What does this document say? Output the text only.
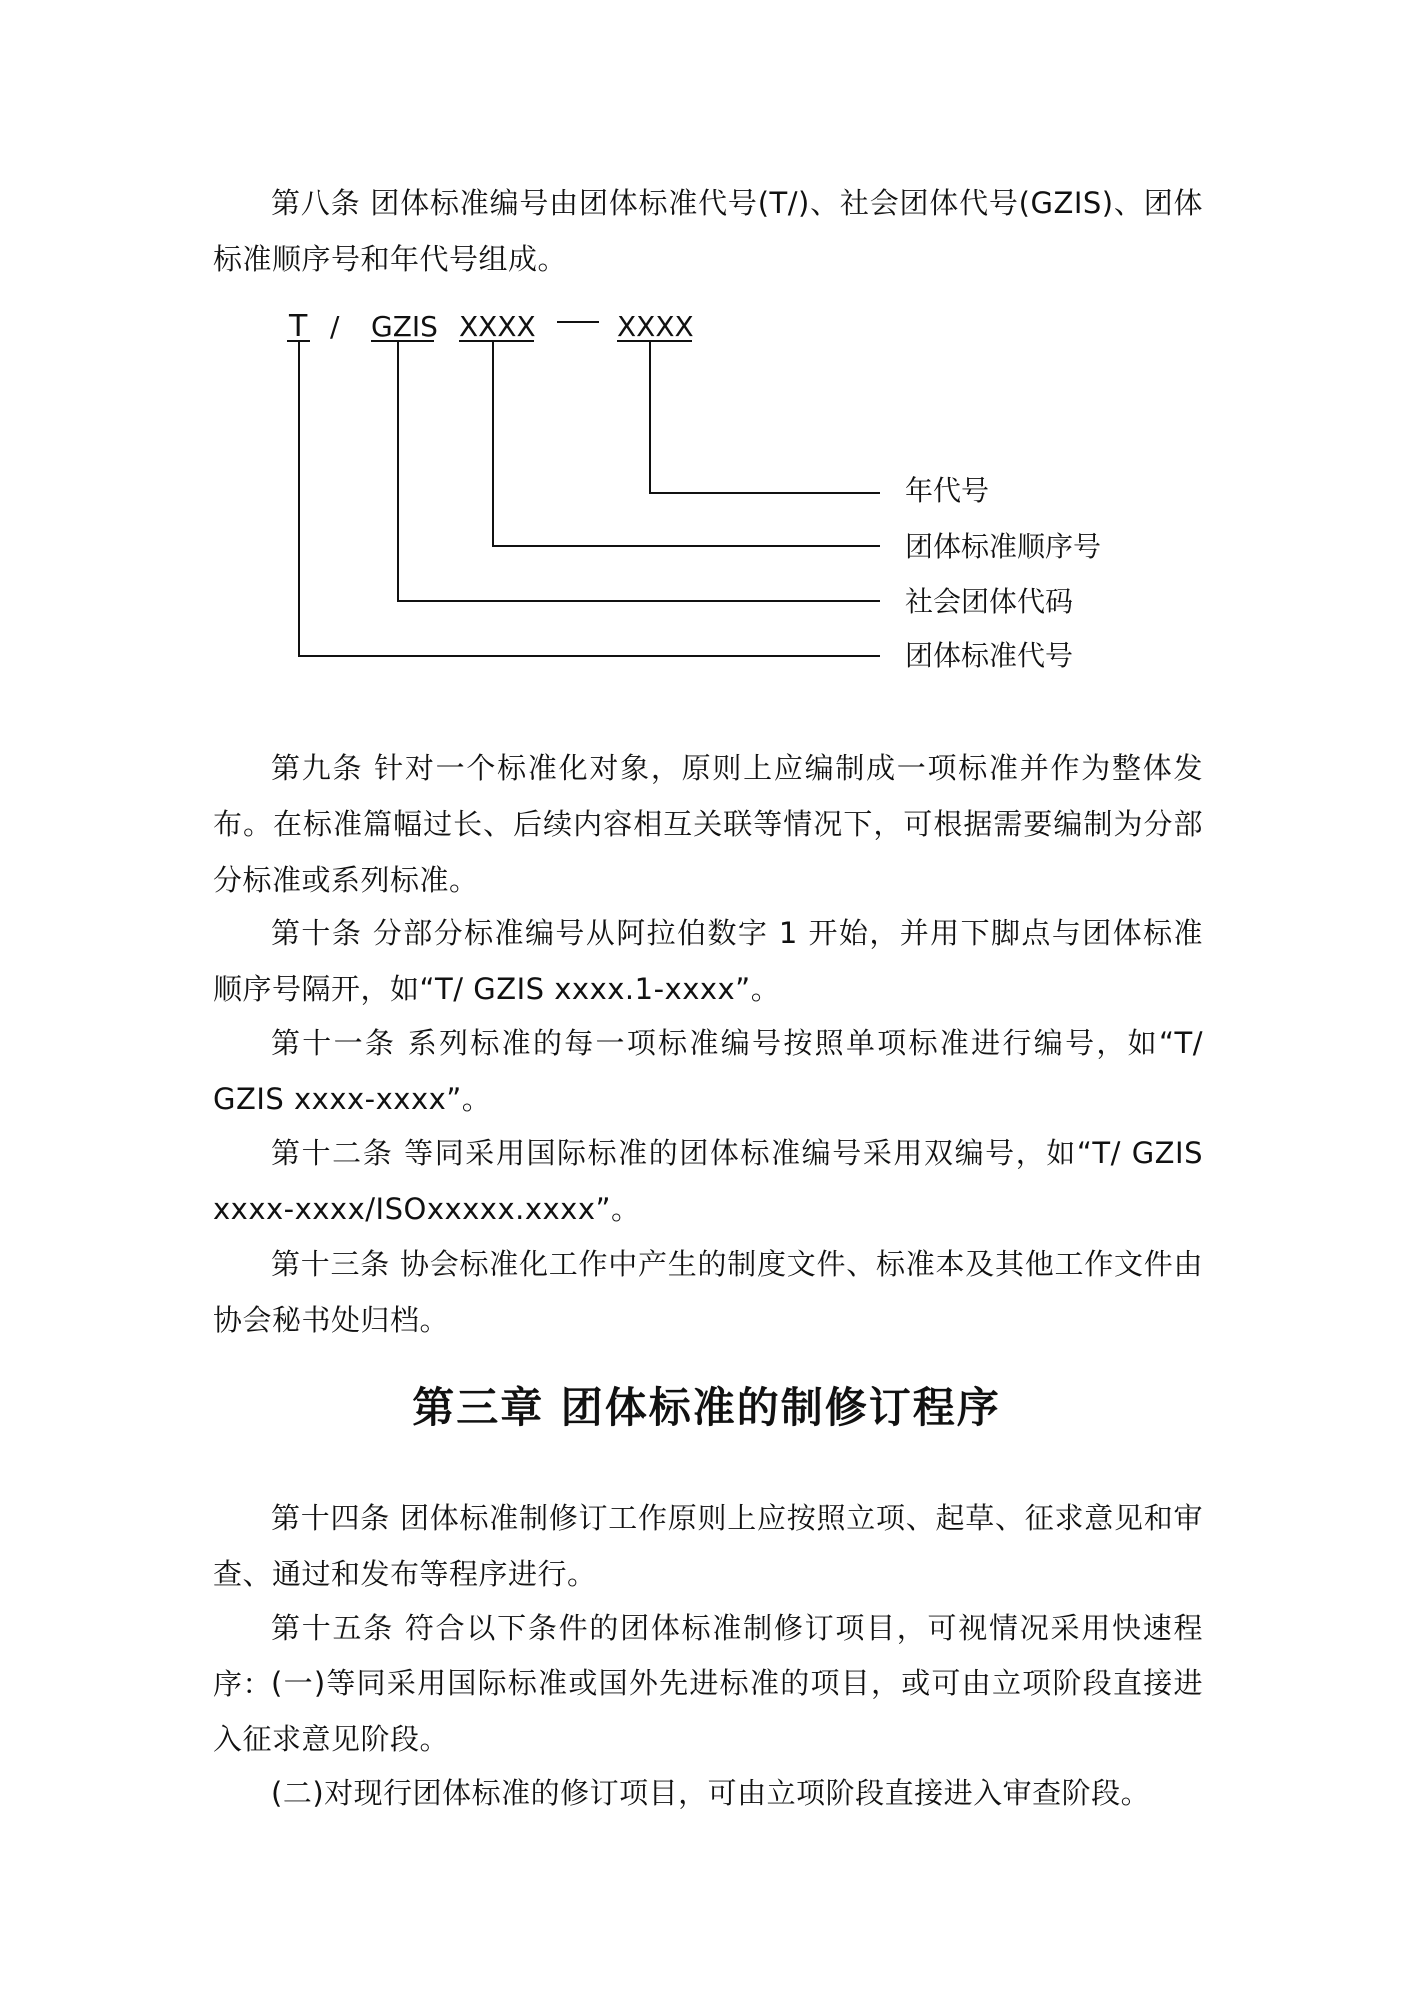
第八条 团体标准编号由团体标准代号(T/)、社会团体代号(GZIS)、团体标准顺序号和年代号组成。

T / GZIS XXXX	XXXX
年代号
团体标准顺序号
社会团体代码
团体标准代号

第九条 针对一个标准化对象，原则上应编制成一项标准并作为整体发布。在标准篇幅过长、后续内容相互关联等情况下，可根据需要编制为分部分标准或系列标准。

第十条 分部分标准编号从阿拉伯数字 1 开始，并用下脚点与团体标准顺序号隔开，如“T/ GZIS xxxx.1-xxxx”。

第十一条 系列标准的每一项标准编号按照单项标准进行编号，如“T/ GZIS xxxx-xxxx”。

第十二条 等同采用国际标准的团体标准编号采用双编号，如“T/ GZIS xxxx-xxxx/ISOxxxxx.xxxx”。

第十三条 协会标准化工作中产生的制度文件、标准本及其他工作文件由协会秘书处归档。

第三章 团体标准的制修订程序

第十四条 团体标准制修订工作原则上应按照立项、起草、征求意见和审查、通过和发布等程序进行。

第十五条 符合以下条件的团体标准制修订项目，可视情况采用快速程序：

(一)等同采用国际标准或国外先进标准的项目，或可由立项阶段直接进入征求意见阶段。

(二)对现行团体标准的修订项目，可由立项阶段直接进入审查阶段。
